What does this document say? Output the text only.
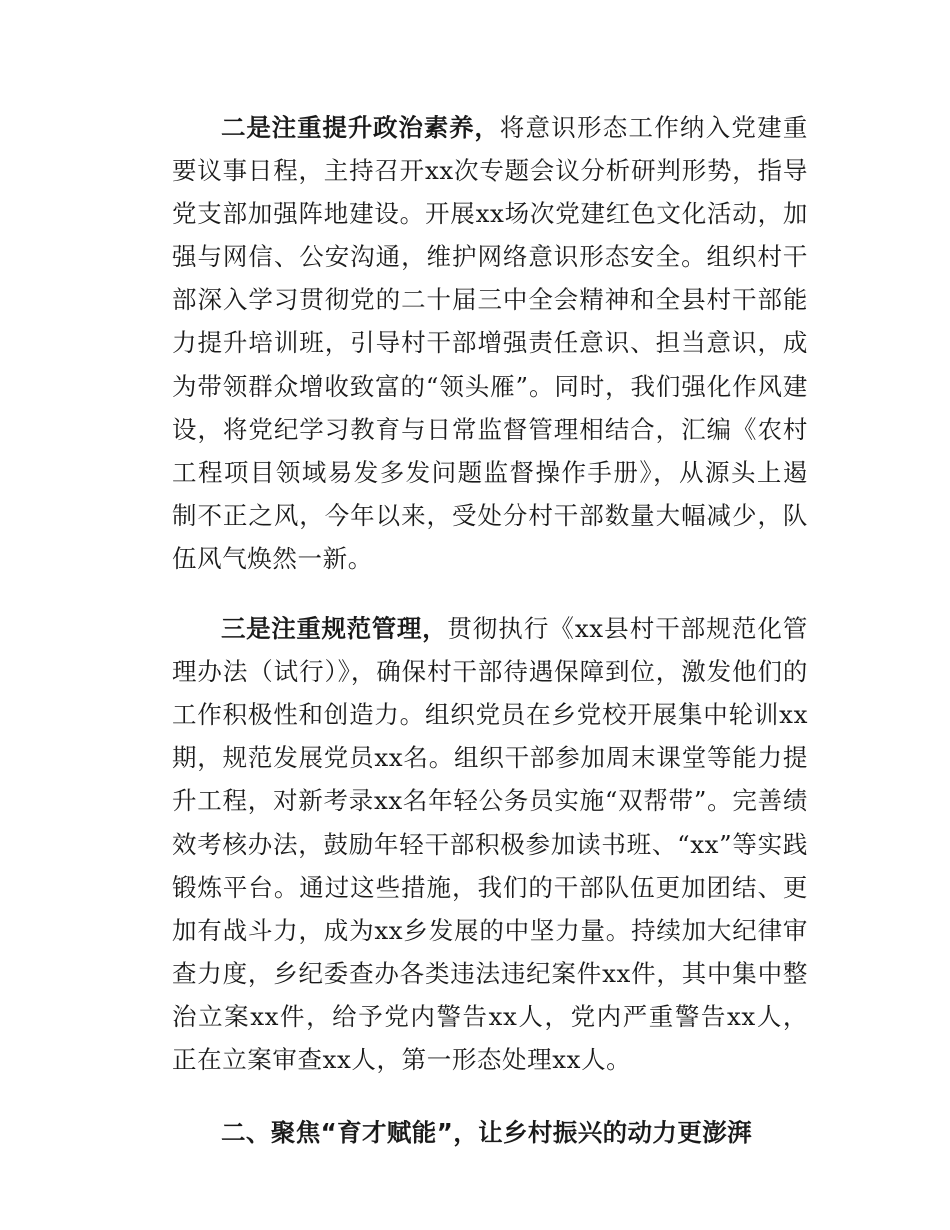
二是注重提升政治素养，将意识形态工作纳入党建重要议事日程，主持召开xx次专题会议分析研判形势，指导党支部加强阵地建设。开展xx场次党建红色文化活动，加强与网信、公安沟通，维护网络意识形态安全。组织村干部深入学习贯彻党的二十届三中全会精神和全县村干部能力提升培训班，引导村干部增强责任意识、担当意识，成为带领群众增收致富的“领头雁”。同时，我们强化作风建设，将党纪学习教育与日常监督管理相结合，汇编《农村工程项目领域易发多发问题监督操作手册》，从源头上遏制不正之风，今年以来，受处分村干部数量大幅减少，队伍风气焕然一新。

三是注重规范管理，贯彻执行《xx县村干部规范化管理办法（试行）》，确保村干部待遇保障到位，激发他们的工作积极性和创造力。组织党员在乡党校开展集中轮训xx期，规范发展党员xx名。组织干部参加周末课堂等能力提升工程，对新考录xx名年轻公务员实施“双帮带”。完善绩效考核办法，鼓励年轻干部积极参加读书班、“xx”等实践锻炼平台。通过这些措施，我们的干部队伍更加团结、更加有战斗力，成为xx乡发展的中坚力量。持续加大纪律审查力度，乡纪委查办各类违法违纪案件xx件，其中集中整治立案xx件，给予党内警告xx人，党内严重警告xx人，正在立案审查xx人，第一形态处理xx人。

二、聚焦“育才赋能”，让乡村振兴的动力更澎湃
